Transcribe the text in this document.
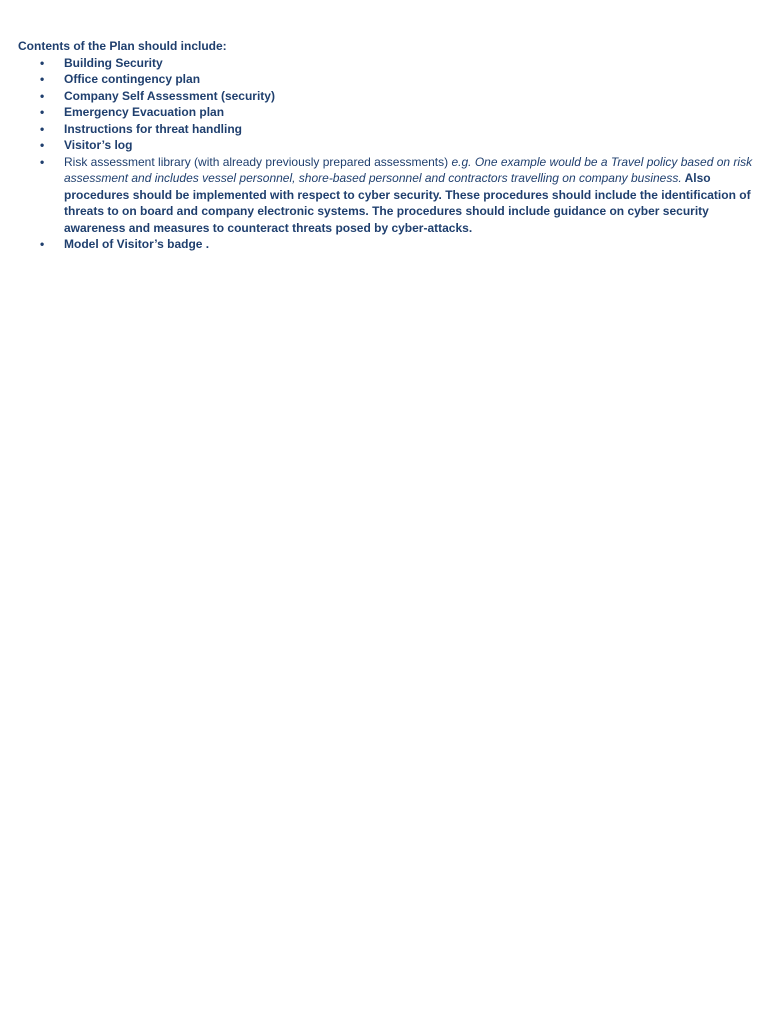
Contents of the Plan should include:

• Building Security
• Office contingency plan
• Company Self Assessment (security)
• Emergency Evacuation plan
• Instructions for threat handling
• Visitor’s log
• Risk assessment library (with already previously prepared assessments) e.g. One example would be a Travel policy based on risk assessment and includes vessel personnel, shore-based personnel and contractors travelling on company business. Also procedures should be implemented with respect to cyber security. These procedures should include the identification of threats to on board and company electronic systems. The procedures should include guidance on cyber security awareness and measures to counteract threats posed by cyber-attacks.
• Model of Visitor’s badge .
